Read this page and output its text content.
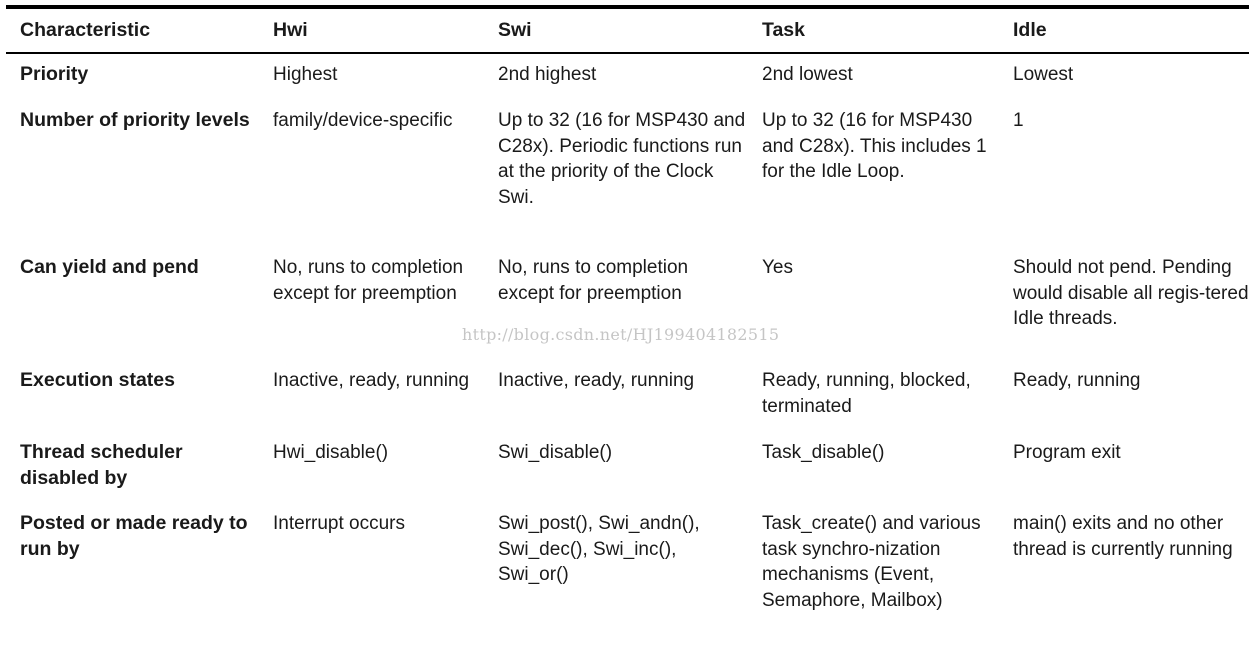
Characteristic	Hwi	Swi	Task	Idle
Priority	Highest	2nd highest	2nd lowest	Lowest
Number of priority levels	family/device-specific	Up to 32 (16 for MSP430 and C28x). Periodic functions run at the priority of the Clock Swi.	Up to 32 (16 for MSP430 and C28x). This includes 1 for the Idle Loop.	1
Can yield and pend	No, runs to completion except for preemption	No, runs to completion except for preemption	Yes	Should not pend. Pending would disable all regis-tered Idle threads.
Execution states	Inactive, ready, running	Inactive, ready, running	Ready, running, blocked, terminated	Ready, running
Thread scheduler disabled by	Hwi_disable()	Swi_disable()	Task_disable()	Program exit
Posted or made ready to run by	Interrupt occurs	Swi_post(), Swi_andn(), Swi_dec(), Swi_inc(), Swi_or()	Task_create() and various task synchro-nization mechanisms (Event, Semaphore, Mailbox)	main() exits and no other thread is currently running
http://blog.csdn.net/HJ199404182515
